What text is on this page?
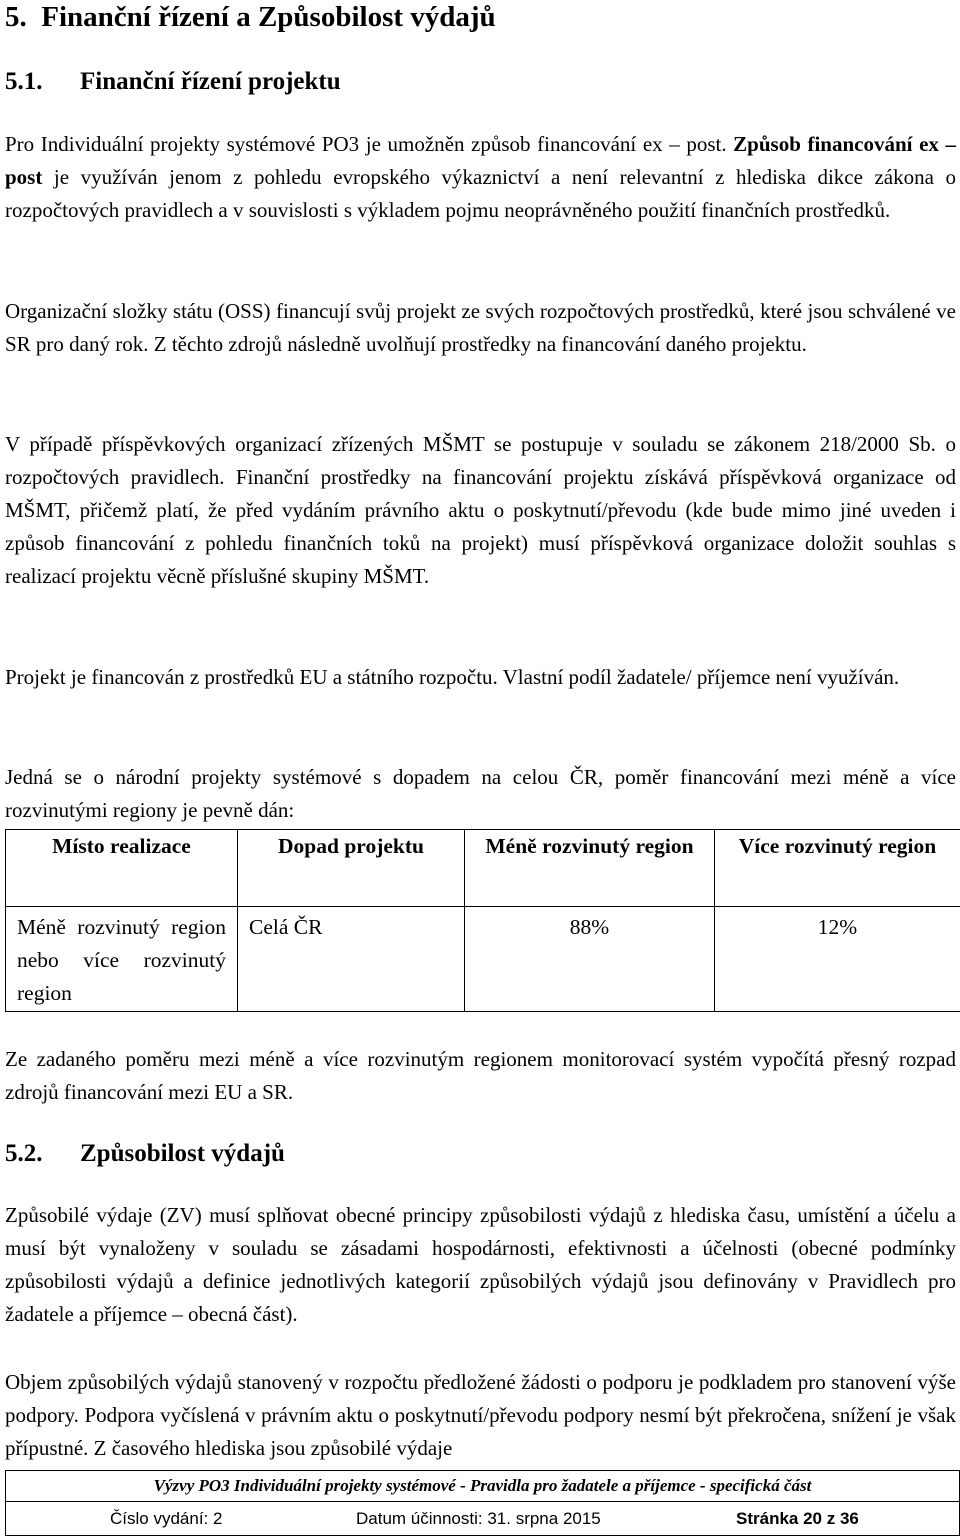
5. Finanční řízení a Způsobilost výdajů
5.1. Finanční řízení projektu

Pro Individuální projekty systémové PO3 je umožněn způsob financování ex – post. Způsob financování ex – post je využíván jenom z pohledu evropského výkaznictví a není relevantní z hlediska dikce zákona o rozpočtových pravidlech a v souvislosti s výkladem pojmu neoprávněného použití finančních prostředků.

Organizační složky státu (OSS) financují svůj projekt ze svých rozpočtových prostředků, které jsou schválené ve SR pro daný rok. Z těchto zdrojů následně uvolňují prostředky na financování daného projektu.

V případě příspěvkových organizací zřízených MŠMT se postupuje v souladu se zákonem 218/2000 Sb. o rozpočtových pravidlech. Finanční prostředky na financování projektu získává příspěvková organizace od MŠMT, přičemž platí, že před vydáním právního aktu o poskytnutí/převodu (kde bude mimo jiné uveden i způsob financování z pohledu finančních toků na projekt) musí příspěvková organizace doložit souhlas s realizací projektu věcně příslušné skupiny MŠMT.

Projekt je financován z prostředků EU a státního rozpočtu. Vlastní podíl žadatele/ příjemce není využíván.

Jedná se o národní projekty systémové s dopadem na celou ČR, poměr financování mezi méně a více rozvinutými regiony je pevně dán:

Místo realizace	Dopad projektu	Méně rozvinutý region	Více rozvinutý region
Méně rozvinutý region nebo více rozvinutý region	Celá ČR	88%	12%

Ze zadaného poměru mezi méně a více rozvinutým regionem monitorovací systém vypočítá přesný rozpad zdrojů financování mezi EU a SR.

5.2. Způsobilost výdajů

Způsobilé výdaje (ZV) musí splňovat obecné principy způsobilosti výdajů z hlediska času, umístění a účelu a musí být vynaloženy v souladu se zásadami hospodárnosti, efektivnosti a účelnosti (obecné podmínky způsobilosti výdajů a definice jednotlivých kategorií způsobilých výdajů jsou definovány v Pravidlech pro žadatele a příjemce – obecná část).

Objem způsobilých výdajů stanovený v rozpočtu předložené žádosti o podporu je podkladem pro stanovení výše podpory. Podpora vyčíslená v právním aktu o poskytnutí/převodu podpory nesmí být překročena, snížení je však přípustné. Z časového hlediska jsou způsobilé výdaje

Výzvy PO3 Individuální projekty systémové - Pravidla pro žadatele a příjemce - specifická část
Číslo vydání: 2	Datum účinnosti: 31. srpna 2015	Stránka 20 z 36
